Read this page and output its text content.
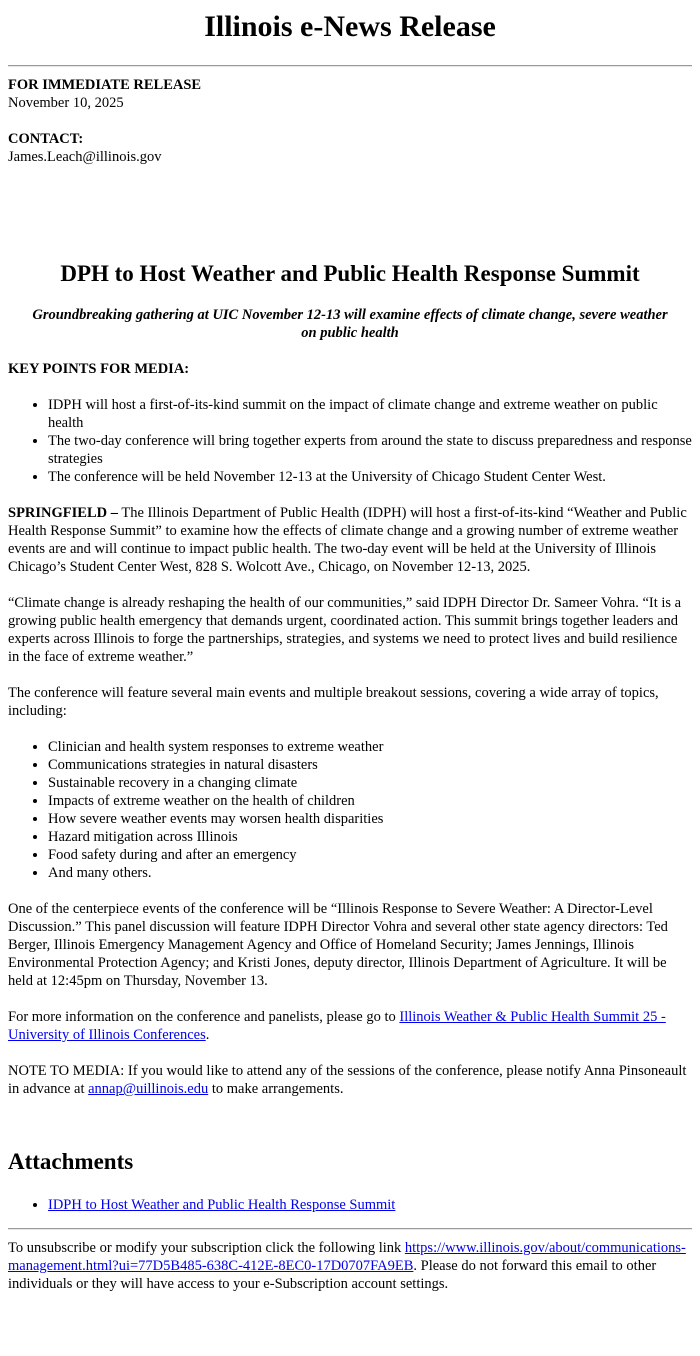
Illinois e-News Release
FOR IMMEDIATE RELEASE
November 10, 2025
CONTACT:
James.Leach@illinois.gov
DPH to Host Weather and Public Health Response Summit
Groundbreaking gathering at UIC November 12-13 will examine effects of climate change, severe weather on public health
KEY POINTS FOR MEDIA:
• IDPH will host a first-of-its-kind summit on the impact of climate change and extreme weather on public health
• The two-day conference will bring together experts from around the state to discuss preparedness and response strategies
• The conference will be held November 12-13 at the University of Chicago Student Center West.

SPRINGFIELD – The Illinois Department of Public Health (IDPH) will host a first-of-its-kind “Weather and Public Health Response Summit” to examine how the effects of climate change and a growing number of extreme weather events are and will continue to impact public health. The two-day event will be held at the University of Illinois Chicago’s Student Center West, 828 S. Wolcott Ave., Chicago, on November 12-13, 2025.

“Climate change is already reshaping the health of our communities,” said IDPH Director Dr. Sameer Vohra. “It is a growing public health emergency that demands urgent, coordinated action. This summit brings together leaders and experts across Illinois to forge the partnerships, strategies, and systems we need to protect lives and build resilience in the face of extreme weather.”

The conference will feature several main events and multiple breakout sessions, covering a wide array of topics, including:

• Clinician and health system responses to extreme weather
• Communications strategies in natural disasters
• Sustainable recovery in a changing climate
• Impacts of extreme weather on the health of children
• How severe weather events may worsen health disparities
• Hazard mitigation across Illinois
• Food safety during and after an emergency
• And many others.

One of the centerpiece events of the conference will be “Illinois Response to Severe Weather: A Director-Level Discussion.” This panel discussion will feature IDPH Director Vohra and several other state agency directors: Ted Berger, Illinois Emergency Management Agency and Office of Homeland Security; James Jennings, Illinois Environmental Protection Agency; and Kristi Jones, deputy director, Illinois Department of Agriculture. It will be held at 12:45pm on Thursday, November 13.

For more information on the conference and panelists, please go to Illinois Weather & Public Health Summit 25 - University of Illinois Conferences.

NOTE TO MEDIA: If you would like to attend any of the sessions of the conference, please notify Anna Pinsoneault in advance at annap@uillinois.edu to make arrangements.

Attachments
• IDPH to Host Weather and Public Health Response Summit
To unsubscribe or modify your subscription click the following link https://www.illinois.gov/about/communications-management.html?ui=77D5B485-638C-412E-8EC0-17D0707FA9EB. Please do not forward this email to other individuals or they will have access to your e-Subscription account settings.
